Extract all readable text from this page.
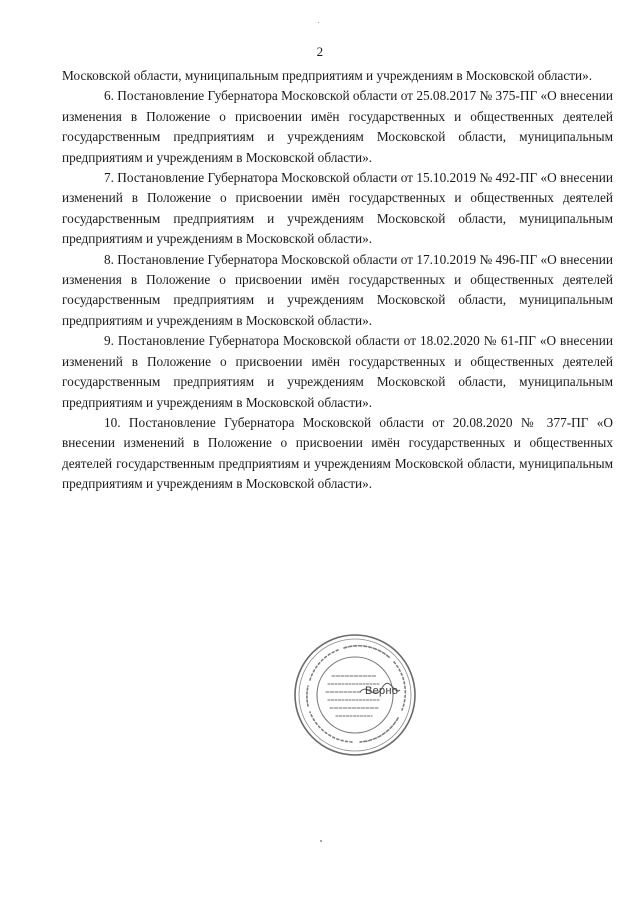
2

Московской области, муниципальным предприятиям и учреждениям в Московской области».

6. Постановление Губернатора Московской области от 25.08.2017 № 375-ПГ «О внесении изменения в Положение о присвоении имён государственных и общественных деятелей государственным предприятиям и учреждениям Московской области, муниципальным предприятиям и учреждениям в Московской области».

7. Постановление Губернатора Московской области от 15.10.2019 № 492-ПГ «О внесении изменений в Положение о присвоении имён государственных и общественных деятелей государственным предприятиям и учреждениям Московской области, муниципальным предприятиям и учреждениям в Московской области».

8. Постановление Губернатора Московской области от 17.10.2019 № 496-ПГ «О внесении изменения в Положение о присвоении имён государственных и общественных деятелей государственным предприятиям и учреждениям Московской области, муниципальным предприятиям и учреждениям в Московской области».

9. Постановление Губернатора Московской области от 18.02.2020 № 61-ПГ «О внесении изменений в Положение о присвоении имён государственных и общественных деятелей государственным предприятиям и учреждениям Московской области, муниципальным предприятиям и учреждениям в Московской области».

10. Постановление Губернатора Московской области от 20.08.2020 № 377-ПГ «О внесении изменений в Положение о присвоении имён государственных и общественных деятелей государственным предприятиям и учреждениям Московской области, муниципальным предприятиям и учреждениям в Московской области».

Верно
